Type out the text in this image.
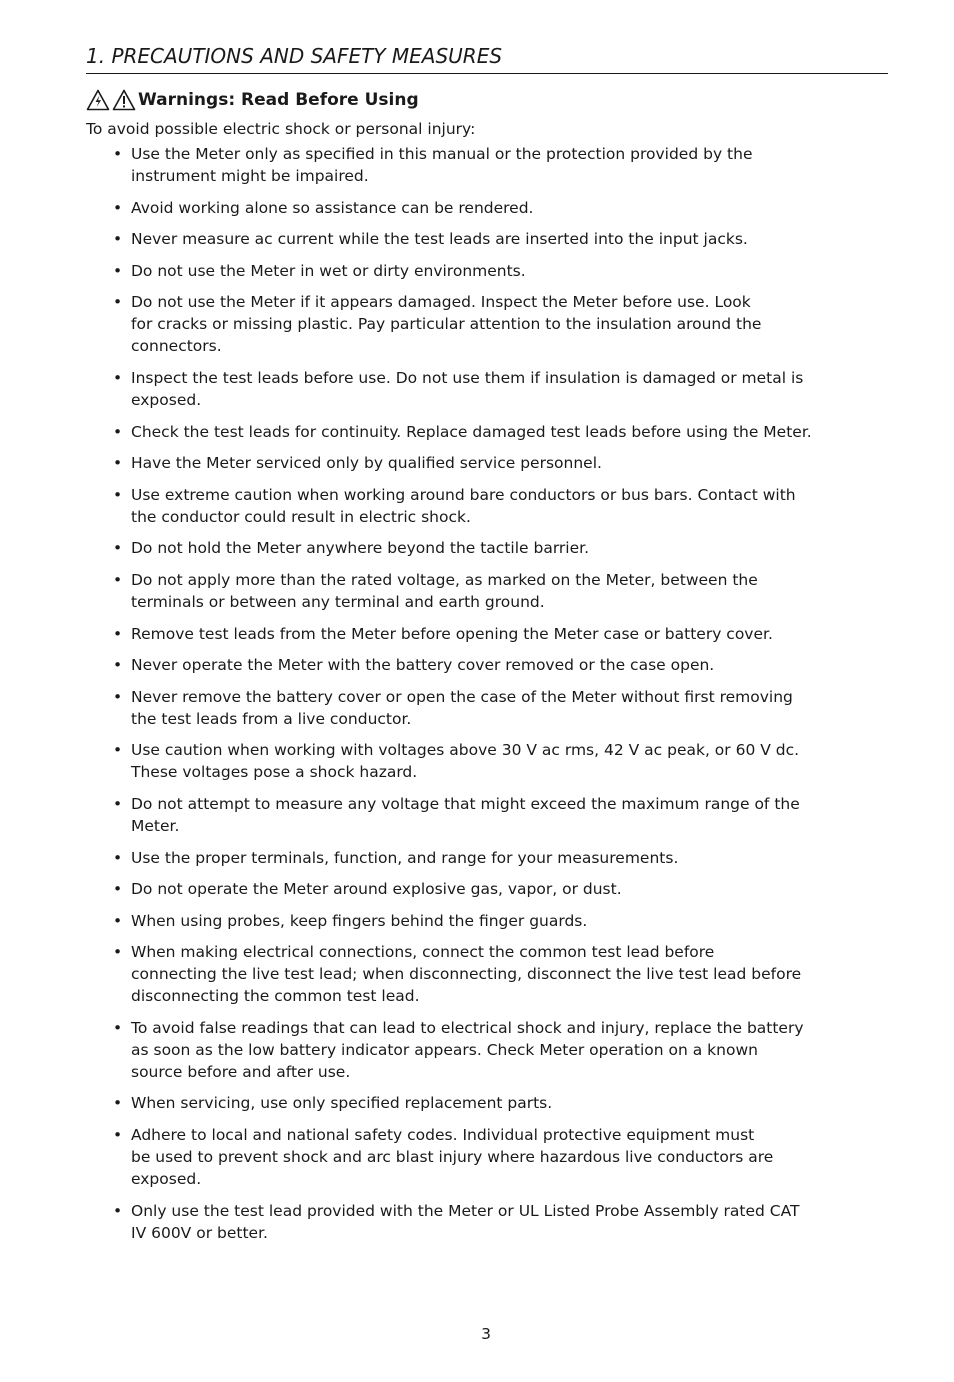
1. PRECAUTIONS AND SAFETY MEASURES
Warnings: Read Before Using
To avoid possible electric shock or personal injury:
• Use the Meter only as specified in this manual or the protection provided by the
instrument might be impaired.
• Avoid working alone so assistance can be rendered.
• Never measure ac current while the test leads are inserted into the input jacks.
• Do not use the Meter in wet or dirty environments.
• Do not use the Meter if it appears damaged. Inspect the Meter before use. Look
for cracks or missing plastic. Pay particular attention to the insulation around the
connectors.
• Inspect the test leads before use. Do not use them if insulation is damaged or metal is
exposed.
• Check the test leads for continuity. Replace damaged test leads before using the Meter.
• Have the Meter serviced only by qualified service personnel.
• Use extreme caution when working around bare conductors or bus bars. Contact with
the conductor could result in electric shock.
• Do not hold the Meter anywhere beyond the tactile barrier.
• Do not apply more than the rated voltage, as marked on the Meter, between the
terminals or between any terminal and earth ground.
• Remove test leads from the Meter before opening the Meter case or battery cover.
• Never operate the Meter with the battery cover removed or the case open.
• Never remove the battery cover or open the case of the Meter without first removing
the test leads from a live conductor.
• Use caution when working with voltages above 30 V ac rms, 42 V ac peak, or 60 V dc.
These voltages pose a shock hazard.
• Do not attempt to measure any voltage that might exceed the maximum range of the
Meter.
• Use the proper terminals, function, and range for your measurements.
• Do not operate the Meter around explosive gas, vapor, or dust.
• When using probes, keep fingers behind the finger guards.
• When making electrical connections, connect the common test lead before
connecting the live test lead; when disconnecting, disconnect the live test lead before
disconnecting the common test lead.
• To avoid false readings that can lead to electrical shock and injury, replace the battery
as soon as the low battery indicator appears. Check Meter operation on a known
source before and after use.
• When servicing, use only specified replacement parts.
• Adhere to local and national safety codes. Individual protective equipment must
be used to prevent shock and arc blast injury where hazardous live conductors are
exposed.
• Only use the test lead provided with the Meter or UL Listed Probe Assembly rated CAT
IV 600V or better.
3
